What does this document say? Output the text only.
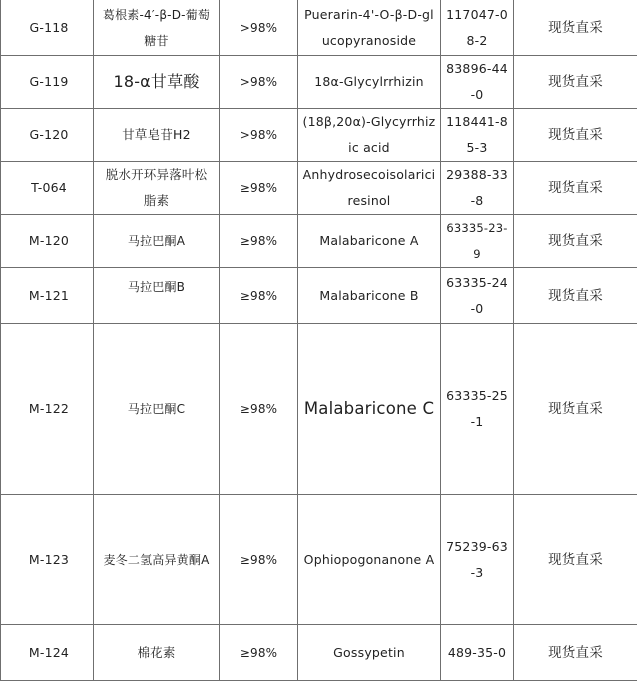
G-118	葛根素-4′-β-D-葡萄糖苷	>98%	Puerarin-4'-O-β-D-glucopyranoside	117047-08-2	现货直采
G-119	18-α甘草酸	>98%	18α-Glycylrrhizin	83896-44-0	现货直采
G-120	甘草皂苷H2	>98%	(18β,20α)-Glycyrrhizic acid	118441-85-3	现货直采
T-064	脱水开环异落叶松脂素	≥98%	Anhydrosecoisolariciresinol	29388-33-8	现货直采
M-120	马拉巴酮A	≥98%	Malabaricone A	63335-23-9	现货直采
M-121	马拉巴酮B	≥98%	Malabaricone B	63335-24-0	现货直采
M-122	马拉巴酮C	≥98%	Malabaricone C	63335-25-1	现货直采
M-123	麦冬二氢高异黄酮A	≥98%	Ophiopogonanone A	75239-63-3	现货直采
M-124	棉花素	≥98%	Gossypetin	489-35-0	现货直采
